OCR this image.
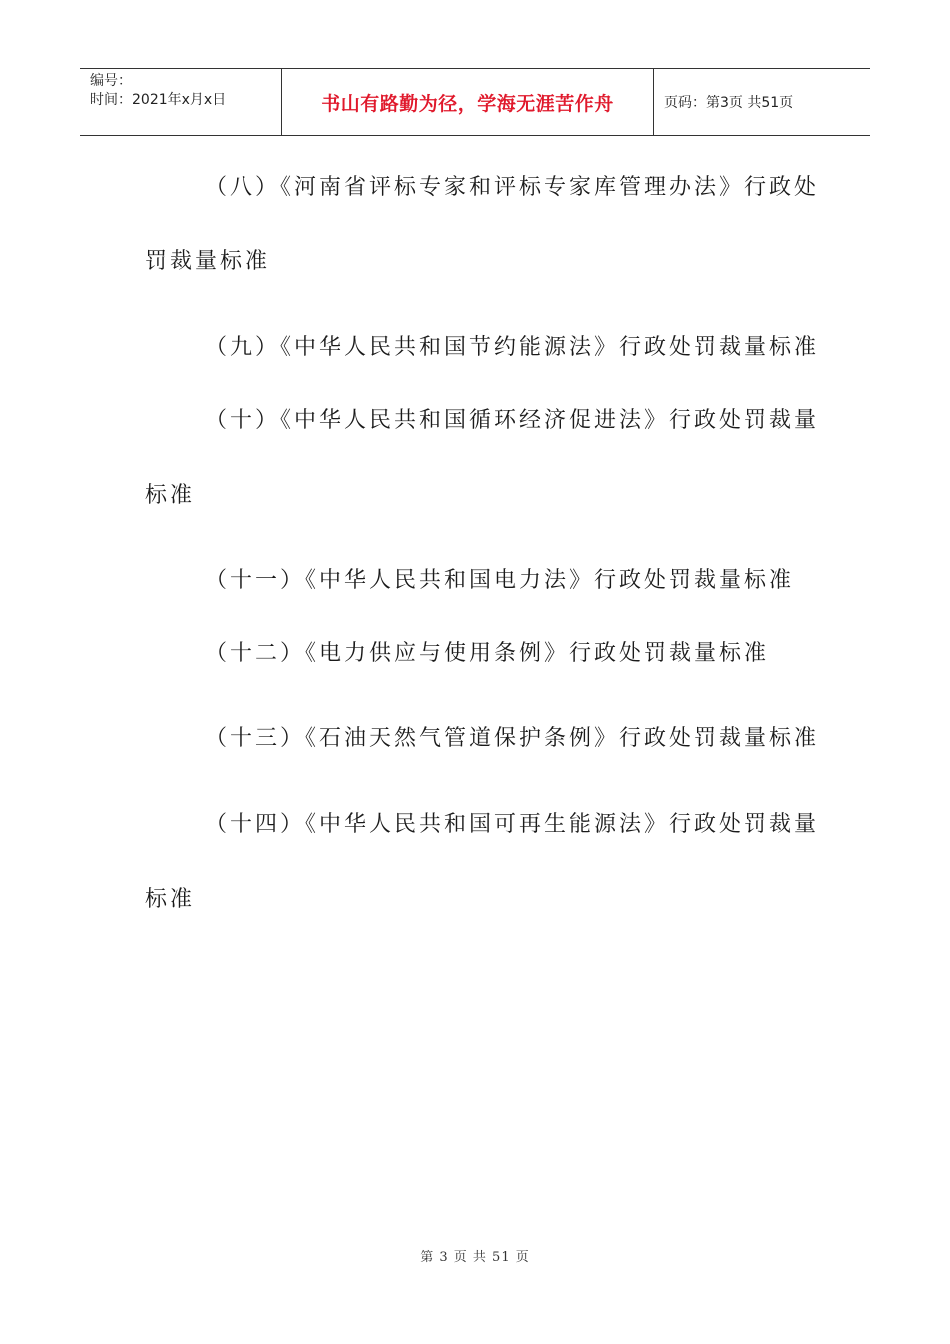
编号：
时间：2021年x月x日	书山有路勤为径，学海无涯苦作舟	页码：第3页 共51页
（八）《河南省评标专家和评标专家库管理办法》行政处
罚裁量标准
（九）《中华人民共和国节约能源法》行政处罚裁量标准
（十）《中华人民共和国循环经济促进法》行政处罚裁量
标准
（十一）《中华人民共和国电力法》行政处罚裁量标准
（十二）《电力供应与使用条例》行政处罚裁量标准
（十三）《石油天然气管道保护条例》行政处罚裁量标准
（十四）《中华人民共和国可再生能源法》行政处罚裁量
标准
第 3 页 共 51 页
